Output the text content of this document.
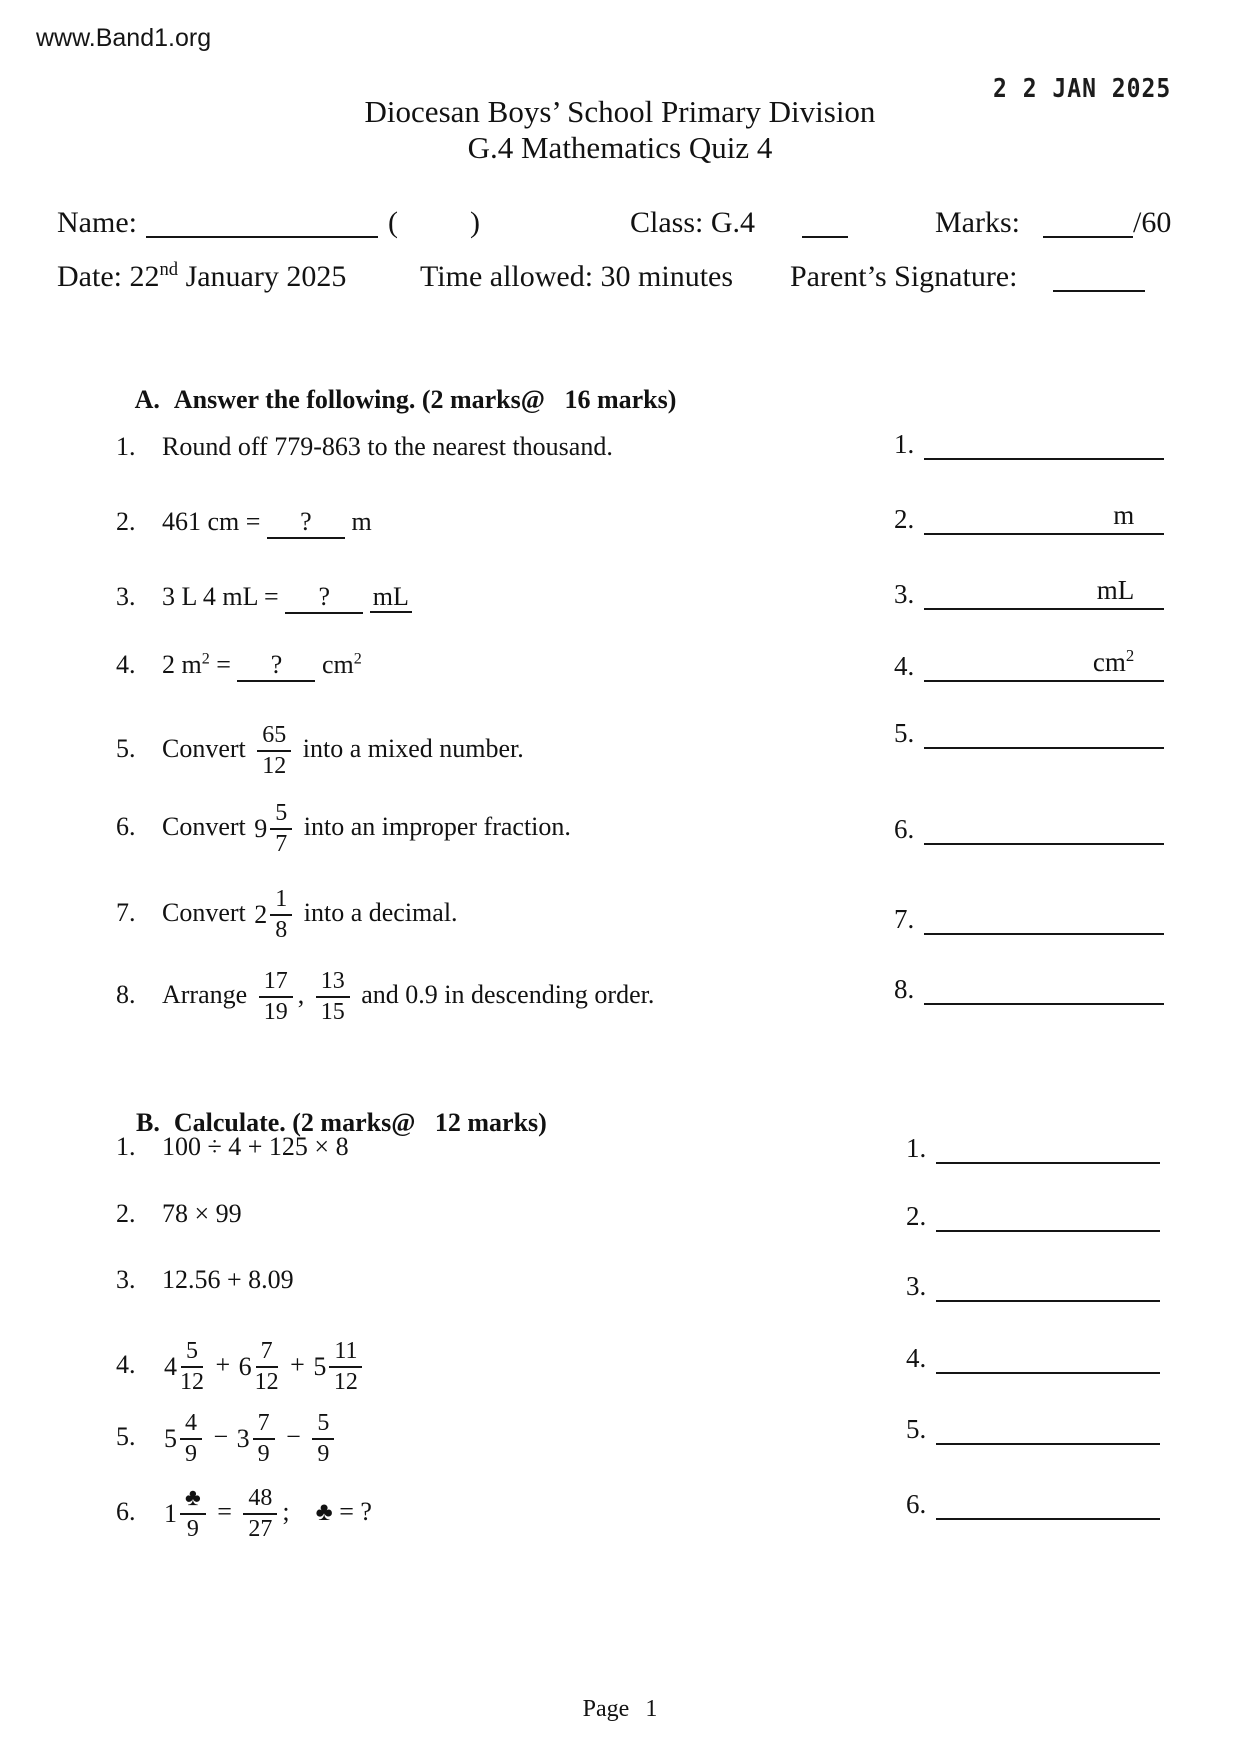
www.Band1.org
2 2 JAN 2025
Diocesan Boys’ School Primary Division
G.4 Mathematics Quiz 4
Name:	( )	Class: G.4	Marks:	/60
Date: 22nd January 2025 Time allowed: 30 minutes Parent’s Signature:

A. Answer the following. (2 marks@   16 marks)

1. Round off 779-863 to the nearest thousand.
2. 461 cm = ? m
3. 3 L 4 mL = ? mL
4. 2 $m^2$ = ? $cm^2$
5. Convert $\frac{65}{12}$ into a mixed number.
6. Convert $9 \frac{5}{7}$ into an improper fraction.
7. Convert $2 \frac{1}{8}$ into a decimal.
8. Arrange $\frac{17}{19}$ , $\frac{13}{15}$ and 0.9 in descending order.
1.
2.	m
3.	mL
4.	$cm^2$
5.
6.
7.
8.

B. Calculate. (2 marks@   12 marks)

1. 100 ÷ 4 + 125 × 8
2. 78 × 99
3. 12.56 + 8.09
4. $4 \frac{5}{12} + 6 \frac{7}{12} + 5 \frac{11}{12}$
5. $5 \frac{4}{9} - 3 \frac{7}{9} - \frac{5}{9}$
6. $1 \frac{♣}{9} = \frac{48}{27}$ ;    ♣ = ?
1.
2.
3.
4.
5.
6.
Page 1
